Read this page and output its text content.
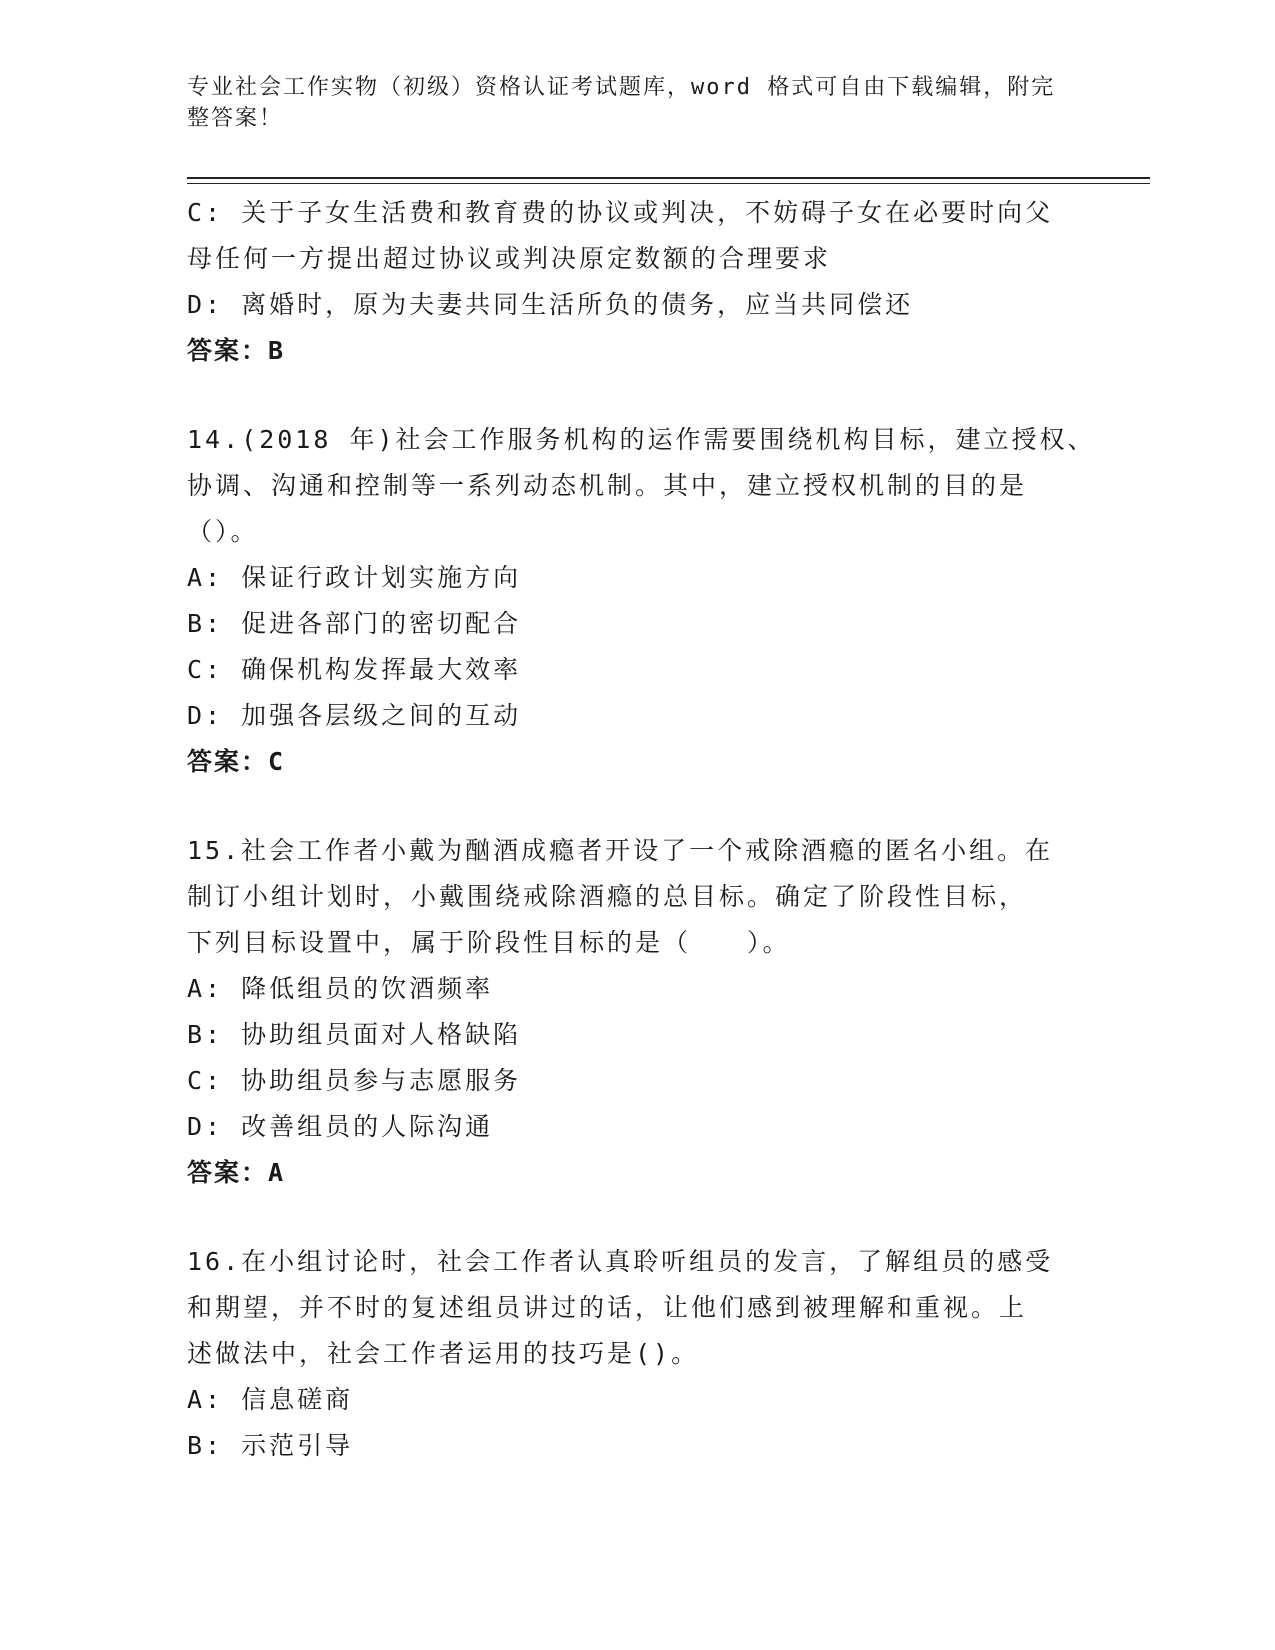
专业社会工作实物（初级）资格认证考试题库，word 格式可自由下载编辑，附完
整答案！
C: 关于子女生活费和教育费的协议或判决，不妨碍子女在必要时向父
母任何一方提出超过协议或判决原定数额的合理要求
D: 离婚时，原为夫妻共同生活所负的债务，应当共同偿还
答案：B
14.(2018 年)社会工作服务机构的运作需要围绕机构目标，建立授权、
协调、沟通和控制等一系列动态机制。其中，建立授权机制的目的是
（）。
A: 保证行政计划实施方向
B: 促进各部门的密切配合
C: 确保机构发挥最大效率
D: 加强各层级之间的互动
答案：C
15.社会工作者小戴为酗酒成瘾者开设了一个戒除酒瘾的匿名小组。在
制订小组计划时，小戴围绕戒除酒瘾的总目标。确定了阶段性目标，
下列目标设置中，属于阶段性目标的是（　　）。
A: 降低组员的饮酒频率
B: 协助组员面对人格缺陷
C: 协助组员参与志愿服务
D: 改善组员的人际沟通
答案：A
16.在小组讨论时，社会工作者认真聆听组员的发言，了解组员的感受
和期望，并不时的复述组员讲过的话，让他们感到被理解和重视。上
述做法中，社会工作者运用的技巧是()。
A: 信息磋商
B: 示范引导
